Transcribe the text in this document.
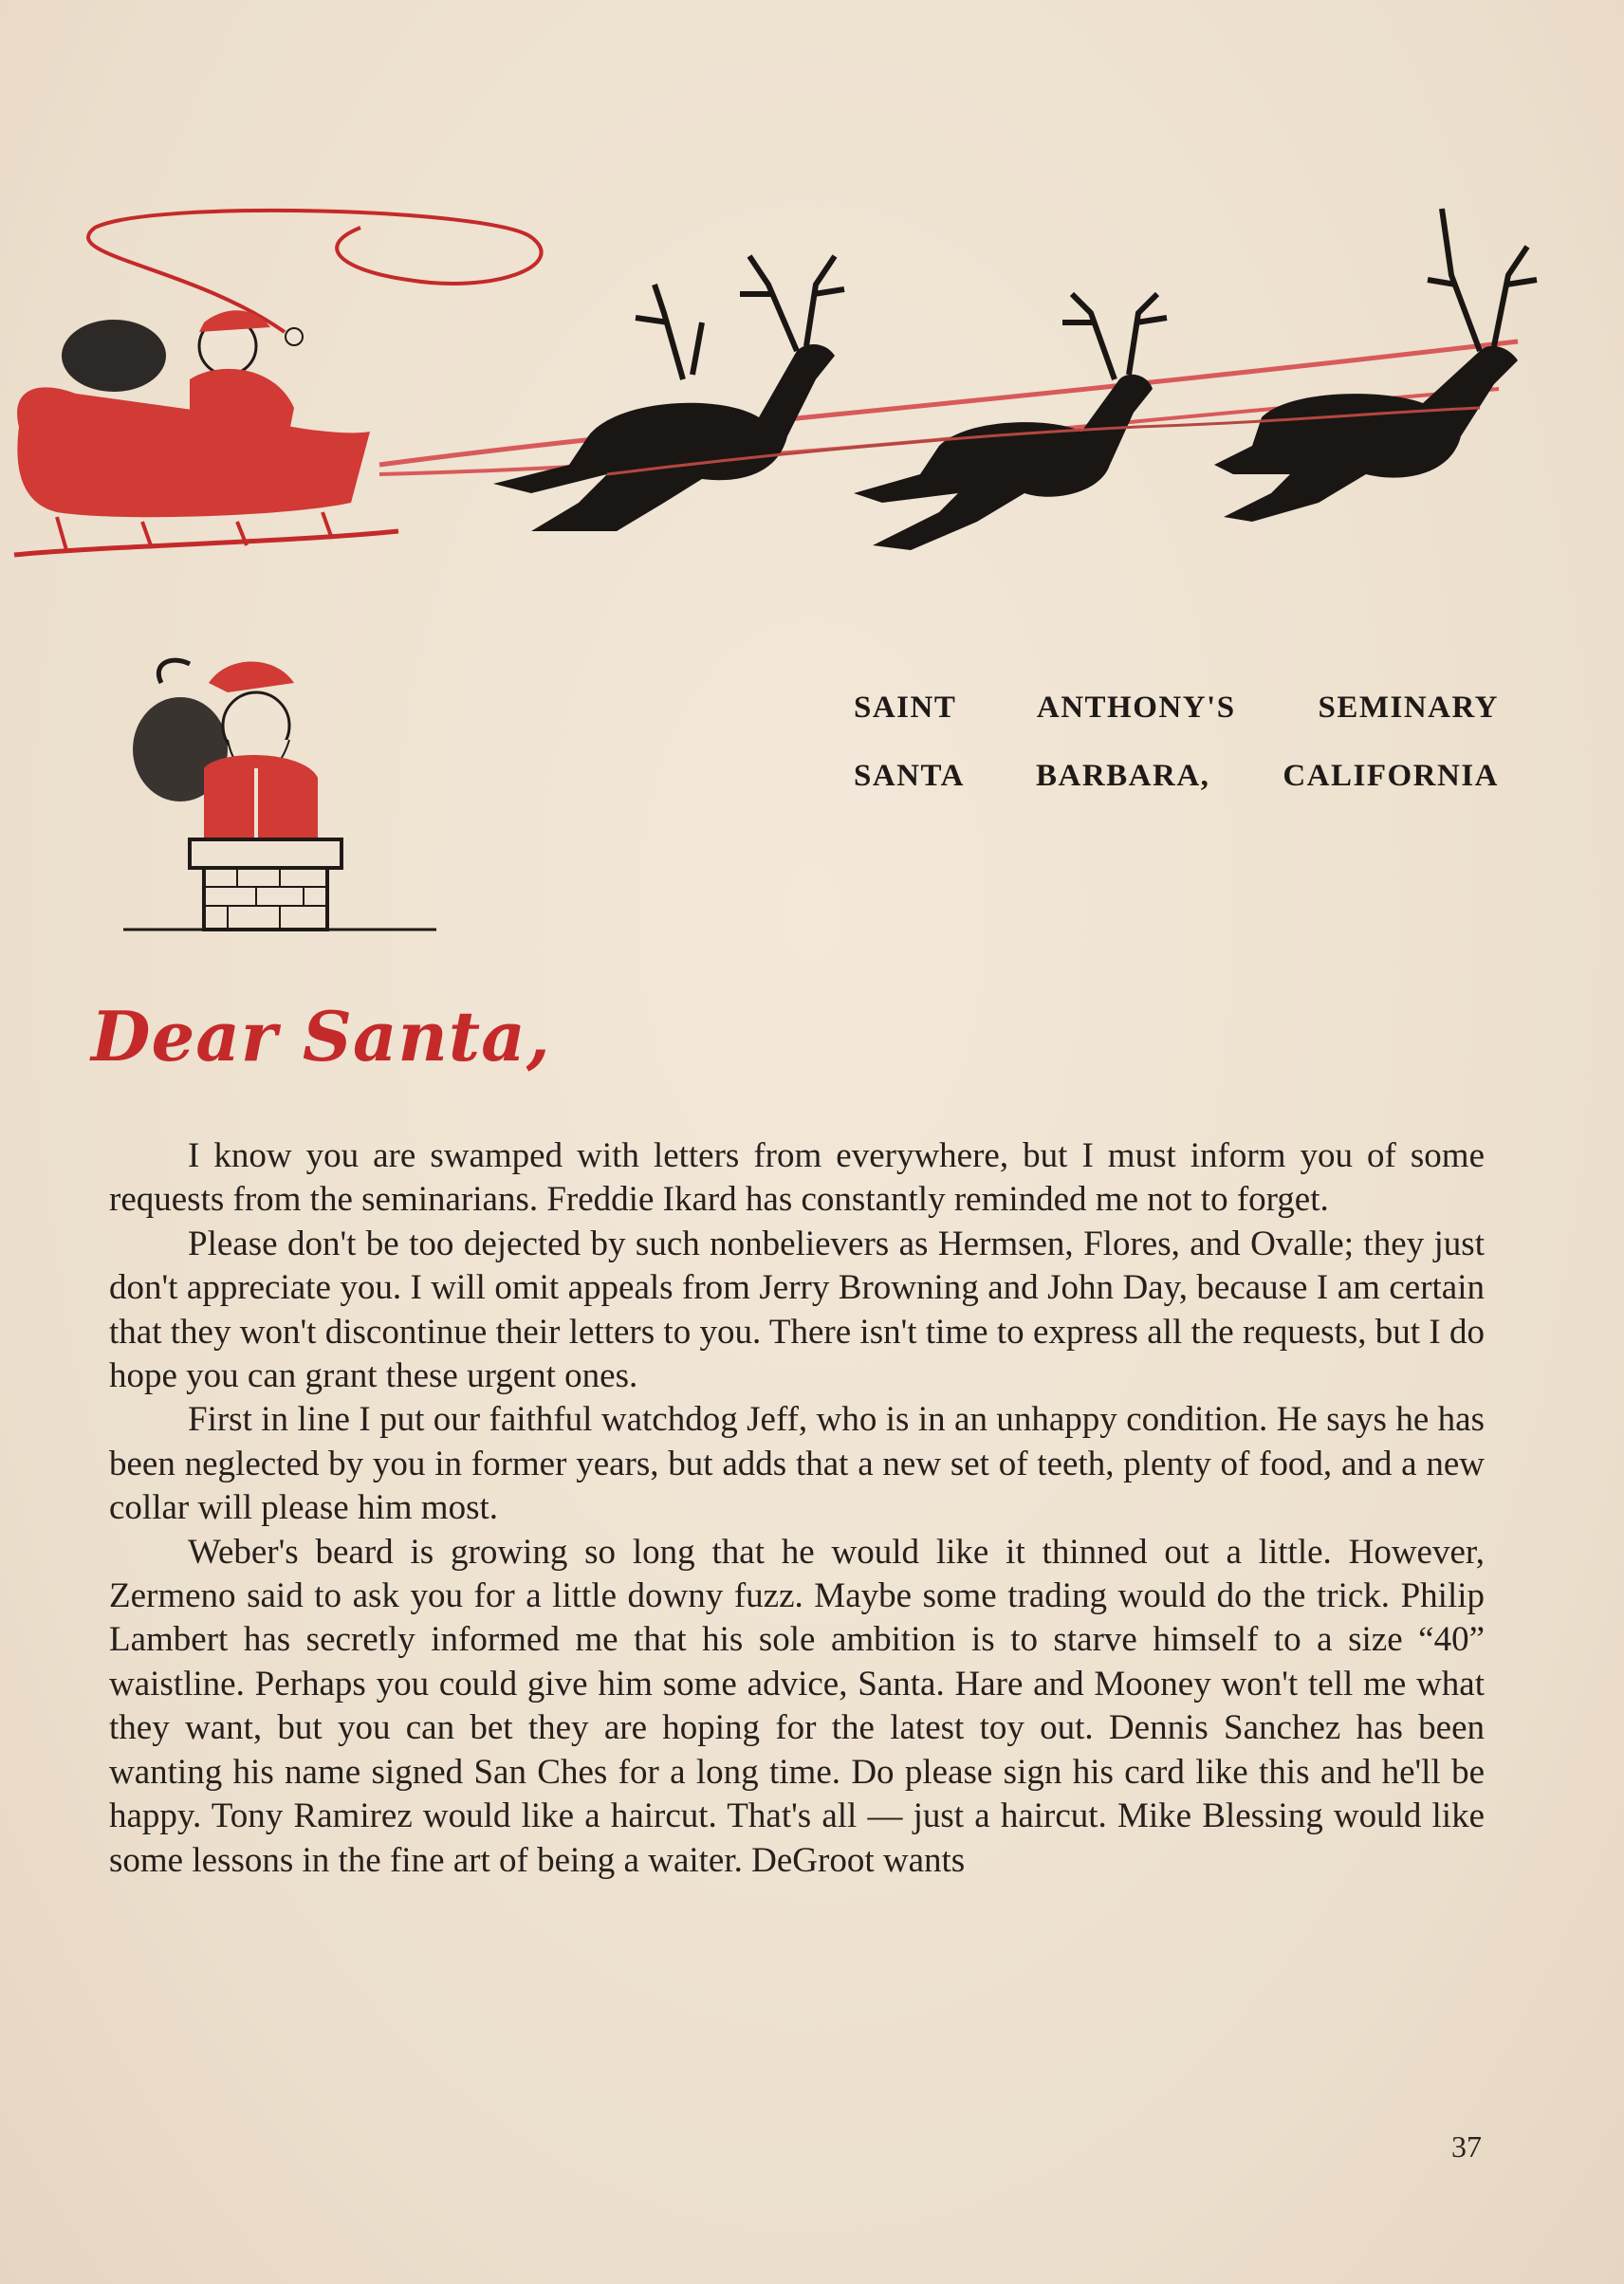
SAINT ANTHONY'S SEMINARY
SANTA BARBARA, CALIFORNIA
Dear Santa,

I know you are swamped with letters from everywhere, but I must inform you of some requests from the seminarians. Freddie Ikard has constantly reminded me not to forget.

Please don't be too dejected by such nonbelievers as Hermsen, Flores, and Ovalle; they just don't appreciate you. I will omit appeals from Jerry Browning and John Day, because I am certain that they won't discontinue their letters to you. There isn't time to express all the requests, but I do hope you can grant these urgent ones.

First in line I put our faithful watchdog Jeff, who is in an unhappy condition. He says he has been neglected by you in former years, but adds that a new set of teeth, plenty of food, and a new collar will please him most.

Weber's beard is growing so long that he would like it thinned out a little. However, Zermeno said to ask you for a little downy fuzz. Maybe some trading would do the trick. Philip Lambert has secretly informed me that his sole ambition is to starve himself to a size “40” waistline. Perhaps you could give him some advice, Santa. Hare and Mooney won't tell me what they want, but you can bet they are hoping for the latest toy out. Dennis Sanchez has been wanting his name signed San Ches for a long time. Do please sign his card like this and he'll be happy. Tony Ramirez would like a haircut. That's all — just a haircut. Mike Blessing would like some lessons in the fine art of being a waiter. DeGroot wants

37
